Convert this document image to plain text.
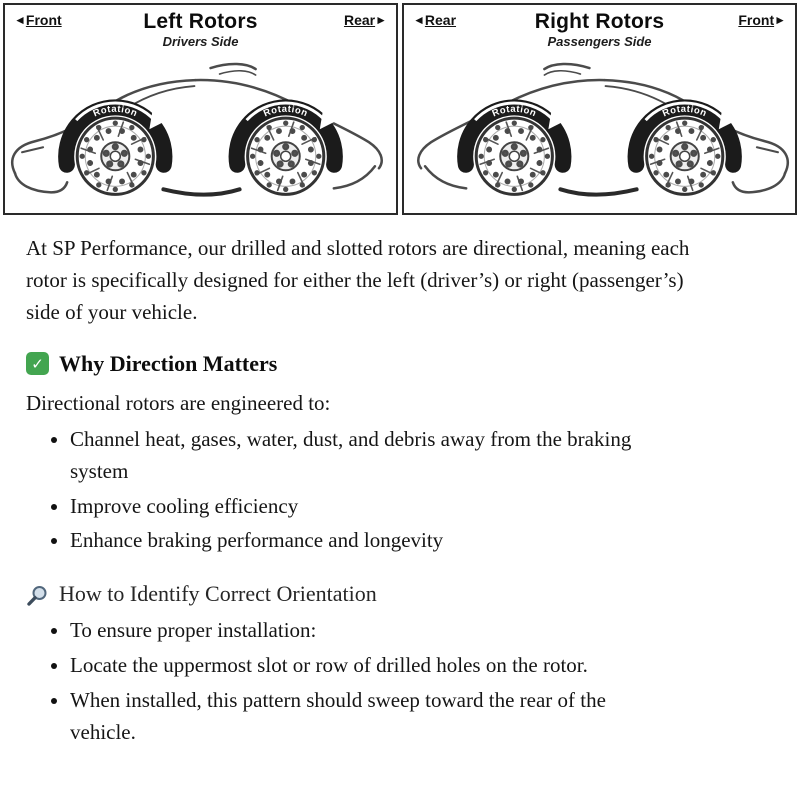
◄Front	Left Rotors
Drivers Side
Rear►
Rotation	Rotation
◄Rear	Right Rotors
Passengers Side
Front►
Rotation	Rotation

At SP Performance, our drilled and slotted rotors are directional, meaning each rotor is specifically designed for either the left (driver’s) or right (passenger’s) side of your vehicle.

✓ Why Direction Matters

Directional rotors are engineered to:

• Channel heat, gases, water, dust, and debris away from the braking system
• Improve cooling efficiency
• Enhance braking performance and longevity
How to Identify Correct Orientation
• To ensure proper installation:
• Locate the uppermost slot or row of drilled holes on the rotor.
• When installed, this pattern should sweep toward the rear of the vehicle.
